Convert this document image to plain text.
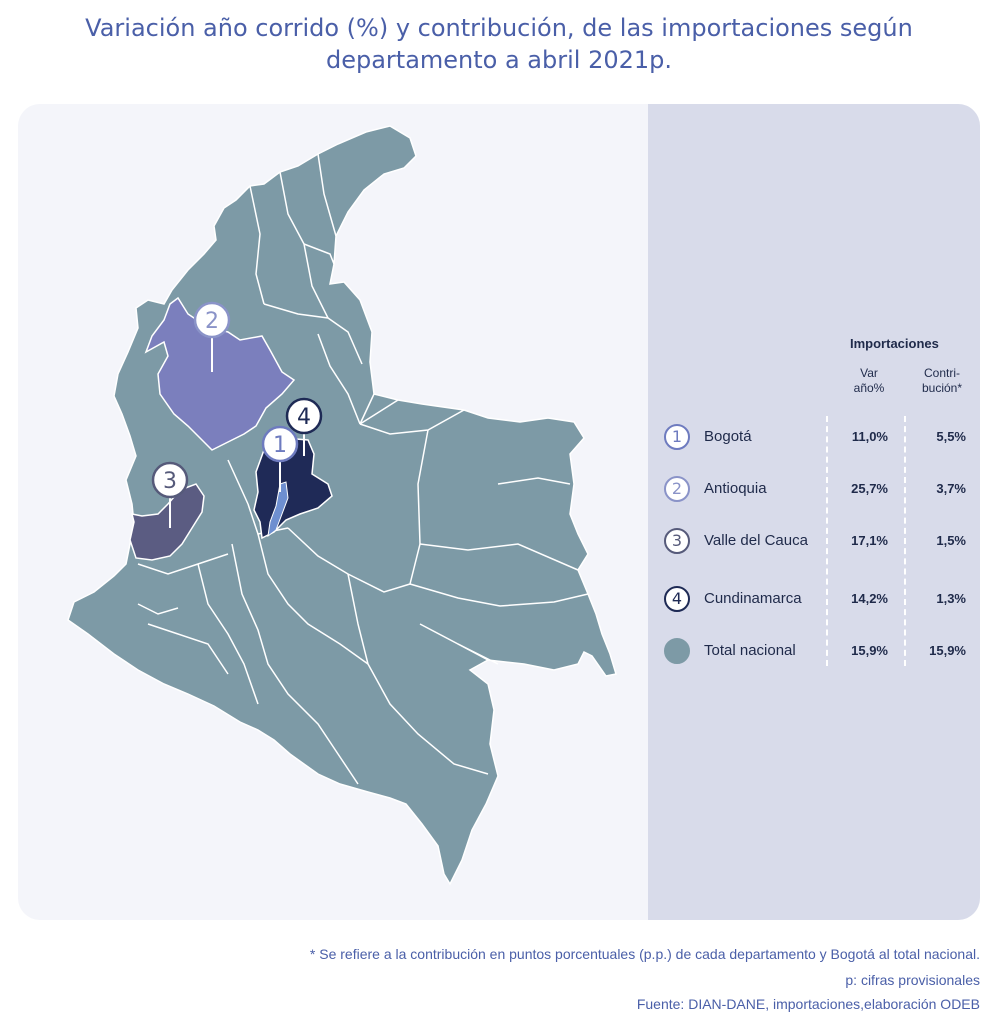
Variación año corrido (%) y contribución, de las importaciones según
departamento a abril 2021p.
2
4
1
3
Importaciones
Var
año%
Contri-
bución*
1	Bogotá	11,0%	5,5%
2	Antioquia	25,7%	3,7%
3	Valle del Cauca	17,1%	1,5%
4	Cundinamarca	14,2%	1,3%
Total nacional	15,9%	15,9%
* Se refiere a la contribución en puntos porcentuales (p.p.) de cada departamento y Bogotá al total nacional.
p: cifras provisionales
Fuente: DIAN-DANE, importaciones,elaboración ODEB
